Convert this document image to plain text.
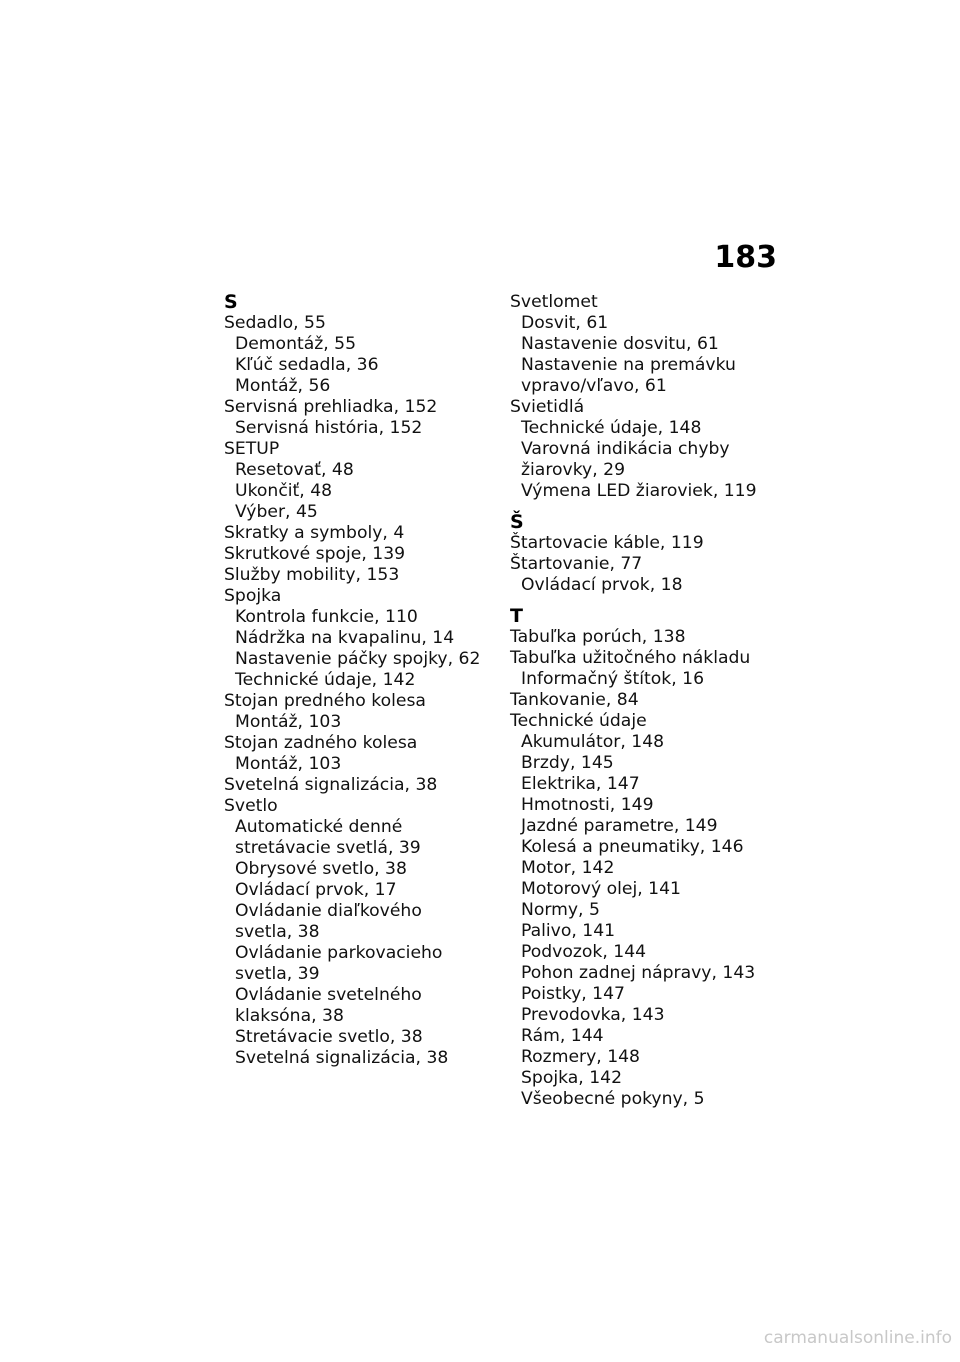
183

S

Sedadlo, 55

Demontáž, 55

Kľúč sedadla, 36

Montáž, 56

Servisná prehliadka, 152

Servisná história, 152

SETUP

Resetovať, 48

Ukončiť, 48

Výber, 45

Skratky a symboly, 4

Skrutkové spoje, 139

Služby mobility, 153

Spojka

Kontrola funkcie, 110

Nádržka na kvapalinu, 14

Nastavenie páčky spojky, 62

Technické údaje, 142

Stojan predného kolesa

Montáž, 103

Stojan zadného kolesa

Montáž, 103

Svetelná signalizácia, 38

Svetlo

Automatické denné

stretávacie svetlá, 39

Obrysové svetlo, 38

Ovládací prvok, 17

Ovládanie diaľkového

svetla, 38

Ovládanie parkovacieho

svetla, 39

Ovládanie svetelného

klaksóna, 38

Stretávacie svetlo, 38

Svetelná signalizácia, 38

Svetlomet

Dosvit, 61

Nastavenie dosvitu, 61

Nastavenie na premávku

vpravo/vľavo, 61

Svietidlá

Technické údaje, 148

Varovná indikácia chyby

žiarovky, 29

Výmena LED žiaroviek, 119

Š

Štartovacie káble, 119

Štartovanie, 77

Ovládací prvok, 18

T

Tabuľka porúch, 138

Tabuľka užitočného nákladu

Informačný štítok, 16

Tankovanie, 84

Technické údaje

Akumulátor, 148

Brzdy, 145

Elektrika, 147

Hmotnosti, 149

Jazdné parametre, 149

Kolesá a pneumatiky, 146

Motor, 142

Motorový olej, 141

Normy, 5

Palivo, 141

Podvozok, 144

Pohon zadnej nápravy, 143

Poistky, 147

Prevodovka, 143

Rám, 144

Rozmery, 148

Spojka, 142

Všeobecné pokyny, 5

carmanualsonline.info
